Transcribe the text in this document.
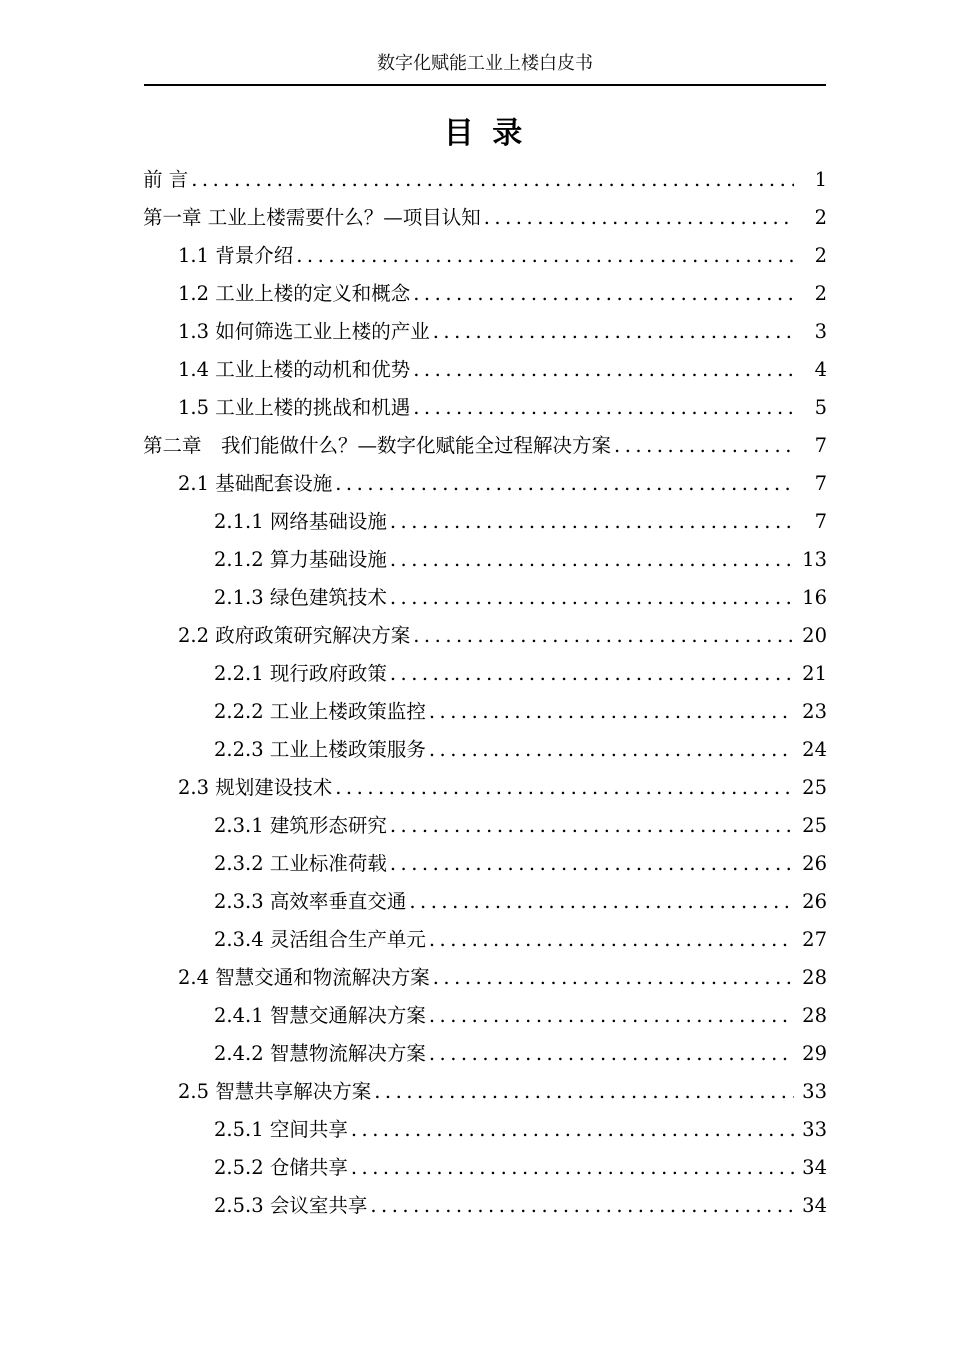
数字化赋能工业上楼白皮书
目 录
前 言 .....	1
第一章 工业上楼需要什么？—项目认知 .....	2
1.1 背景介绍 .....	2
1.2 工业上楼的定义和概念 .....	2
1.3 如何筛选工业上楼的产业 .....	3
1.4 工业上楼的动机和优势 .....	4
1.5 工业上楼的挑战和机遇 .....	5
第二章　我们能做什么？—数字化赋能全过程解决方案 .....	7
2.1 基础配套设施 .....	7
2.1.1 网络基础设施 .....	7
2.1.2 算力基础设施 .....	13
2.1.3 绿色建筑技术 .....	16
2.2 政府政策研究解决方案 .....	20
2.2.1 现行政府政策 .....	21
2.2.2 工业上楼政策监控 .....	23
2.2.3 工业上楼政策服务 .....	24
2.3 规划建设技术 .....	25
2.3.1 建筑形态研究 .....	25
2.3.2 工业标准荷载 .....	26
2.3.3 高效率垂直交通 .....	26
2.3.4 灵活组合生产单元 .....	27
2.4 智慧交通和物流解决方案 .....	28
2.4.1 智慧交通解决方案 .....	28
2.4.2 智慧物流解决方案 .....	29
2.5 智慧共享解决方案 .....	33
2.5.1 空间共享 .....	33
2.5.2 仓储共享 .....	34
2.5.3 会议室共享 .....	34
